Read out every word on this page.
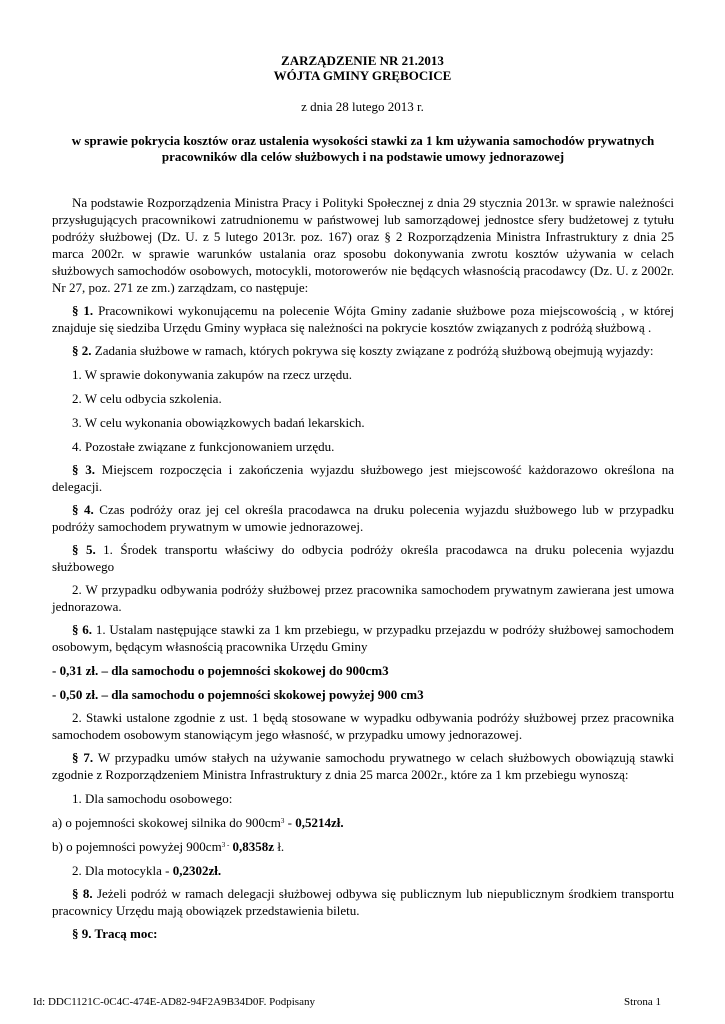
ZARZĄDZENIE NR 21.2013
WÓJTA GMINY GRĘBOCICE
z dnia 28 lutego 2013 r.
w sprawie pokrycia kosztów oraz ustalenia wysokości stawki za 1 km używania samochodów prywatnych pracowników dla celów służbowych i na podstawie umowy jednorazowej

Na podstawie Rozporządzenia Ministra Pracy i Polityki Społecznej z dnia 29 stycznia 2013r. w sprawie należności przysługujących pracownikowi zatrudnionemu w państwowej lub samorządowej jednostce sfery budżetowej z tytułu podróży służbowej (Dz. U. z 5 lutego 2013r. poz. 167) oraz § 2 Rozporządzenia Ministra Infrastruktury z dnia 25 marca 2002r. w sprawie warunków ustalania oraz sposobu dokonywania zwrotu kosztów używania w celach służbowych samochodów osobowych, motocykli, motorowerów nie będących własnością pracodawcy (Dz. U. z 2002r. Nr 27, poz. 271 ze zm.) zarządzam, co następuje:

§ 1. Pracownikowi wykonującemu na polecenie Wójta Gminy zadanie służbowe poza miejscowością , w której znajduje się siedziba Urzędu Gminy wypłaca się należności na pokrycie kosztów związanych z podróżą służbową .

§ 2. Zadania służbowe w ramach, których pokrywa się koszty związane z podróżą służbową obejmują wyjazdy:

1. W sprawie dokonywania zakupów na rzecz urzędu.

2. W celu odbycia szkolenia.

3. W celu wykonania obowiązkowych badań lekarskich.

4. Pozostałe związane z funkcjonowaniem urzędu.

§ 3. Miejscem rozpoczęcia i zakończenia wyjazdu służbowego jest miejscowość każdorazowo określona na delegacji.

§ 4. Czas podróży oraz jej cel określa pracodawca na druku polecenia wyjazdu służbowego lub w przypadku podróży samochodem prywatnym w umowie jednorazowej.

§ 5. 1. Środek transportu właściwy do odbycia podróży określa pracodawca na druku polecenia wyjazdu służbowego

2. W przypadku odbywania podróży służbowej przez pracownika samochodem prywatnym zawierana jest umowa jednorazowa.

§ 6. 1. Ustalam następujące stawki za 1 km przebiegu, w przypadku przejazdu w podróży służbowej samochodem osobowym, będącym własnością pracownika Urzędu Gminy

- 0,31 zł. – dla samochodu o pojemności skokowej do 900cm3

- 0,50 zł. – dla samochodu o pojemności skokowej powyżej 900 cm3

2. Stawki ustalone zgodnie z ust. 1 będą stosowane w wypadku odbywania podróży służbowej przez pracownika samochodem osobowym stanowiącym jego własność, w przypadku umowy jednorazowej.

§ 7. W przypadku umów stałych na używanie samochodu prywatnego w celach służbowych obowiązują stawki zgodnie z Rozporządzeniem Ministra Infrastruktury z dnia 25 marca 2002r., które za 1 km przebiegu wynoszą:

1. Dla samochodu osobowego:

a) o pojemności skokowej silnika do $900cm^3$ - 0,5214zł.

b) o pojemności powyżej $900cm^{3 -}$ 0,8358z ł.

2. Dla motocykla - 0,2302zł.

§ 8. Jeżeli podróż w ramach delegacji służbowej odbywa się publicznym lub niepublicznym środkiem transportu pracownicy Urzędu mają obowiązek przedstawienia biletu.

§ 9. Tracą moc:

Id: DDC1121C-0C4C-474E-AD82-94F2A9B34D0F. Podpisany	Strona 1
